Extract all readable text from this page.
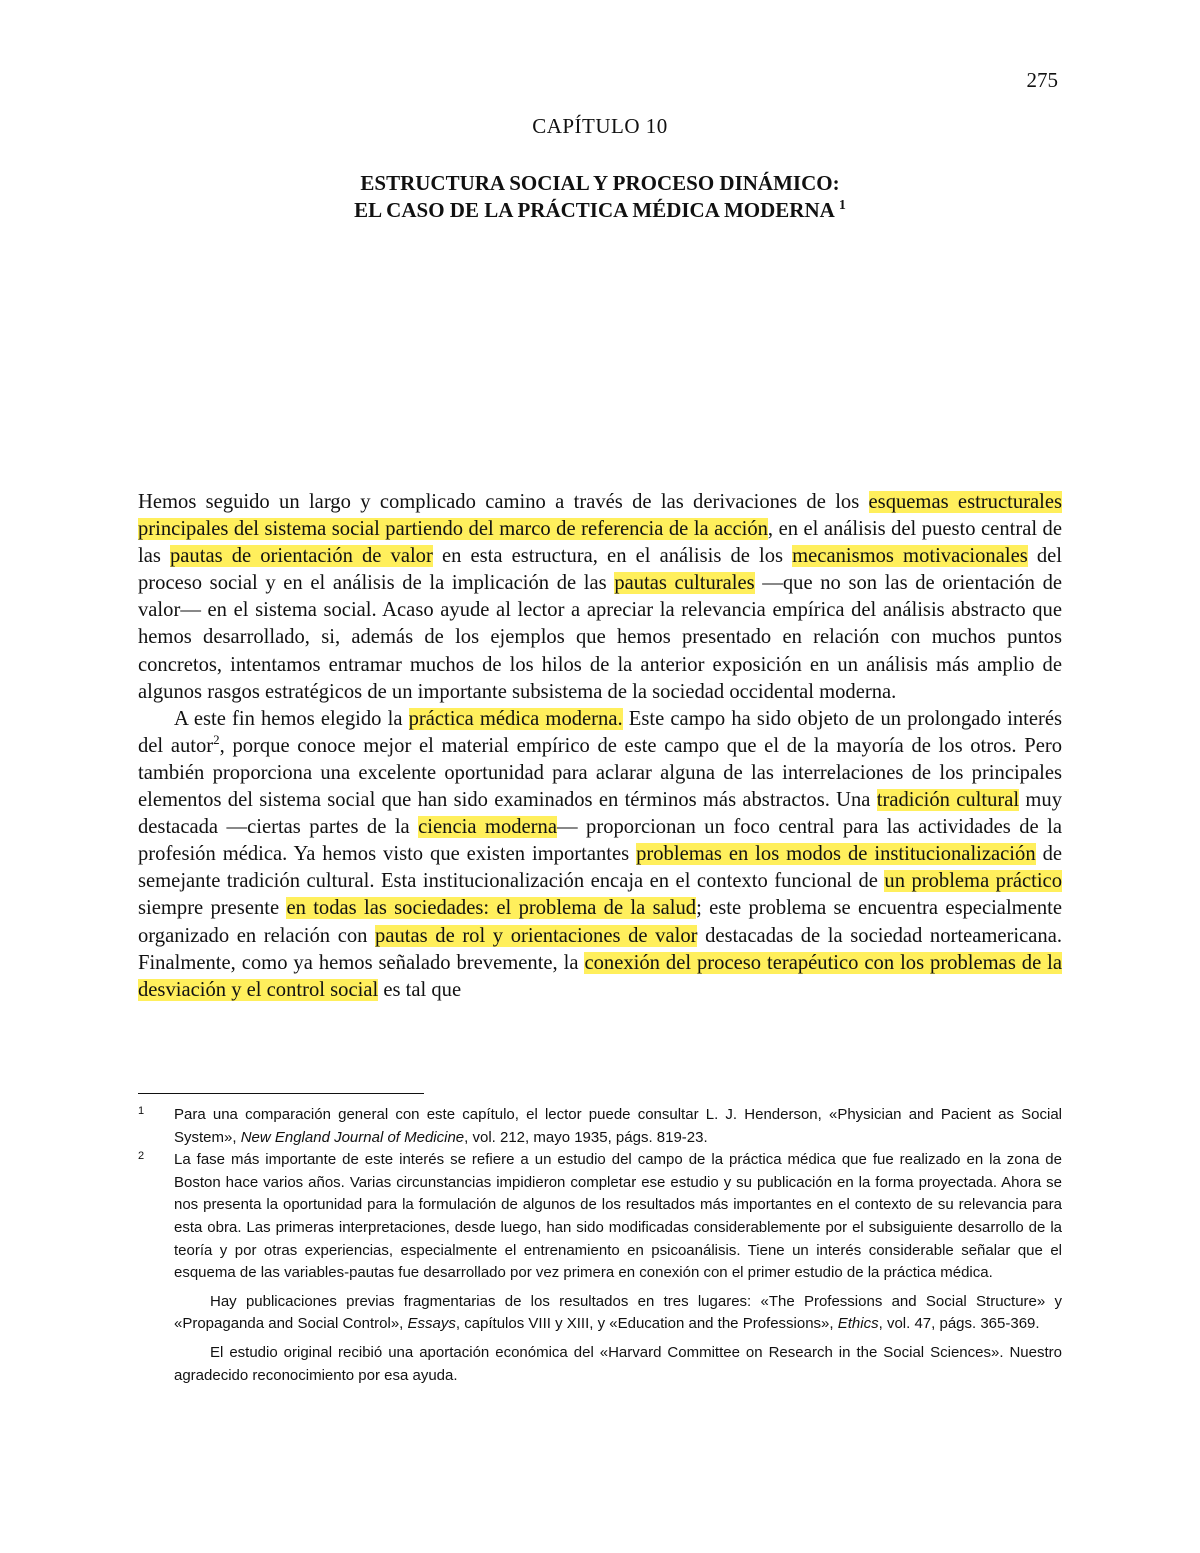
275
CAPÍTULO 10
ESTRUCTURA SOCIAL Y PROCESO DINÁMICO:
EL CASO DE LA PRÁCTICA MÉDICA MODERNA $^1$

Hemos seguido un largo y complicado camino a través de las derivaciones de los esquemas estructurales principales del sistema social partiendo del marco de referencia de la acción, en el análisis del puesto central de las pautas de orientación de valor en esta estructura, en el análisis de los mecanismos motivacionales del proceso social y en el análisis de la implicación de las pautas culturales —que no son las de orientación de valor— en el sistema social. Acaso ayude al lector a apreciar la relevancia empírica del análisis abstracto que hemos desarrollado, si, además de los ejemplos que hemos presentado en relación con muchos puntos concretos, intentamos entramar muchos de los hilos de la anterior exposición en un análisis más amplio de algunos rasgos estratégicos de un importante subsistema de la sociedad occidental moderna.

A este fin hemos elegido la práctica médica moderna. Este campo ha sido objeto de un prolongado interés del autor$^2$, porque conoce mejor el material empírico de este campo que el de la mayoría de los otros. Pero también proporciona una excelente oportunidad para aclarar alguna de las interrelaciones de los principales elementos del sistema social que han sido examinados en términos más abstractos. Una tradición cultural muy destacada —ciertas partes de la ciencia moderna— proporcionan un foco central para las actividades de la profesión médica. Ya hemos visto que existen importantes problemas en los modos de institucionalización de semejante tradición cultural. Esta institucionalización encaja en el contexto funcional de un problema práctico siempre presente en todas las sociedades: el problema de la salud; este problema se encuentra especialmente organizado en relación con pautas de rol y orientaciones de valor destacadas de la sociedad norteamericana. Finalmente, como ya hemos señalado brevemente, la conexión del proceso terapéutico con los problemas de la desviación y el control social es tal que

1 Para una comparación general con este capítulo, el lector puede consultar L. J. Henderson, «Physician and Pacient as Social System», New England Journal of Medicine, vol. 212, mayo 1935, págs. 819-23.

2 La fase más importante de este interés se refiere a un estudio del campo de la práctica médica que fue realizado en la zona de Boston hace varios años. Varias circunstancias impidieron completar ese estudio y su publicación en la forma proyectada. Ahora se nos presenta la oportunidad para la formulación de algunos de los resultados más importantes en el contexto de su relevancia para esta obra. Las primeras interpretaciones, desde luego, han sido modificadas considerablemente por el subsiguiente desarrollo de la teoría y por otras experiencias, especialmente el entrenamiento en psicoanálisis. Tiene un interés considerable señalar que el esquema de las variables-pautas fue desarrollado por vez primera en conexión con el primer estudio de la práctica médica.

Hay publicaciones previas fragmentarias de los resultados en tres lugares: «The Professions and Social Structure» y «Propaganda and Social Control», Essays, capítulos VIII y XIII, y «Education and the Professions», Ethics, vol. 47, págs. 365-369.

El estudio original recibió una aportación económica del «Harvard Committee on Research in the Social Sciences». Nuestro agradecido reconocimiento por esa ayuda.
